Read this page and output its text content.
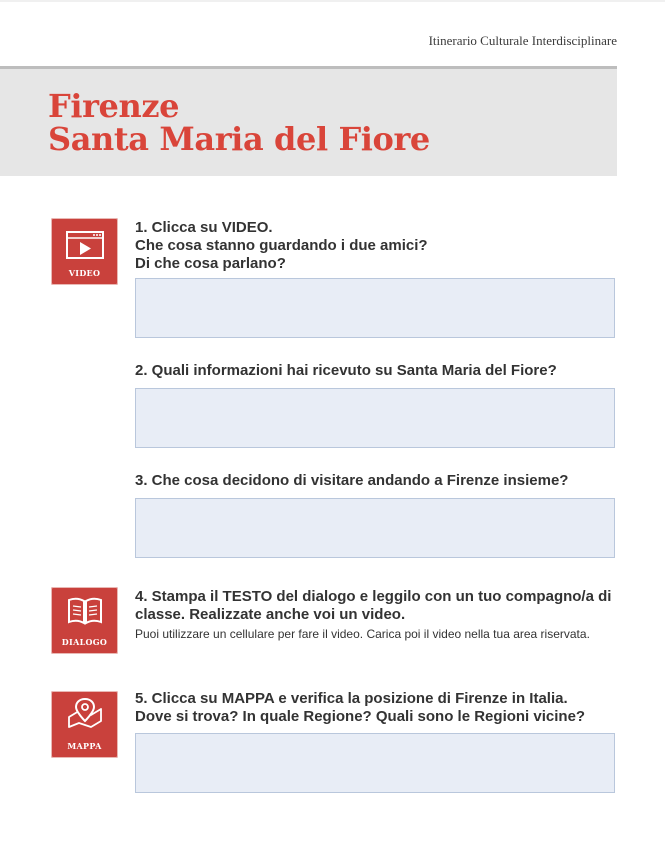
Itinerario Culturale Interdisciplinare
Firenze
Santa Maria del Fiore
VIDEO
1. Clicca su VIDEO.
Che cosa stanno guardando i due amici?
Di che cosa parlano?
2. Quali informazioni hai ricevuto su Santa Maria del Fiore?
3. Che cosa decidono di visitare andando a Firenze insieme?
DIALOGO
4. Stampa il TESTO del dialogo e leggilo con un tuo compagno/a di
classe. Realizzate anche voi un video.
Puoi utilizzare un cellulare per fare il video. Carica poi il video nella tua area riservata.
MAPPA
5. Clicca su MAPPA e verifica la posizione di Firenze in Italia.
Dove si trova? In quale Regione? Quali sono le Regioni vicine?
